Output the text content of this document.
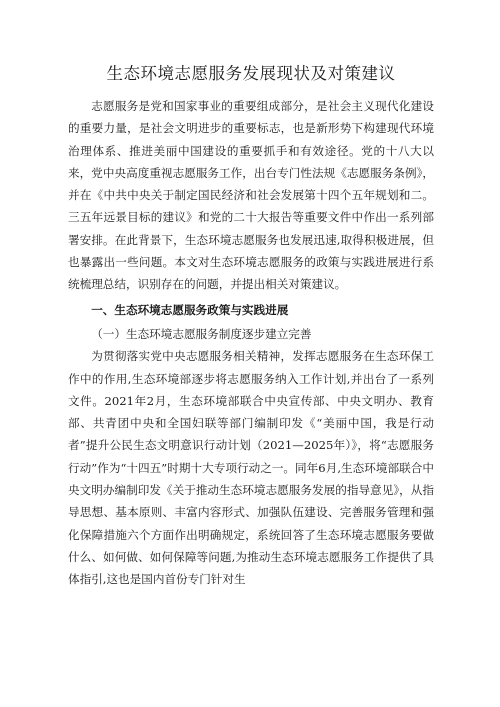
生态环境志愿服务发展现状及对策建议

志愿服务是党和国家事业的重要组成部分，是社会主义现代化建设的重要力量，是社会文明进步的重要标志，也是新形势下构建现代环境治理体系、推进美丽中国建设的重要抓手和有效途径。党的十八大以来，党中央高度重视志愿服务工作，出台专门性法规《志愿服务条例》，并在《中共中央关于制定国民经济和社会发展第十四个五年规划和二。三五年远景目标的建议》和党的二十大报告等重要文件中作出一系列部署安排。在此背景下，生态环境志愿服务也发展迅速,取得积极进展，但也暴露出一些问题。本文对生态环境志愿服务的政策与实践进展进行系统梳理总结，识别存在的问题，并提出相关对策建议。

一、生态环境志愿服务政策与实践进展

（一）生态环境志愿服务制度逐步建立完善

为贯彻落实党中央志愿服务相关精神，发挥志愿服务在生态环保工作中的作用,生态环境部逐步将志愿服务纳入工作计划,并出台了一系列文件。2021年2月，生态环境部联合中央宣传部、中央文明办、教育部、共青团中央和全国妇联等部门编制印发《“美丽中国，我是行动者”提升公民生态文明意识行动计划（2021—2025年）》，将“志愿服务行动”作为“十四五”时期十大专项行动之一。同年6月,生态环境部联合中央文明办编制印发《关于推动生态环境志愿服务发展的指导意见》，从指导思想、基本原则、丰富内容形式、加强队伍建设、完善服务管理和强化保障措施六个方面作出明确规定，系统回答了生态环境志愿服务要做什么、如何做、如何保障等问题,为推动生态环境志愿服务工作提供了具体指引,这也是国内首份专门针对生
